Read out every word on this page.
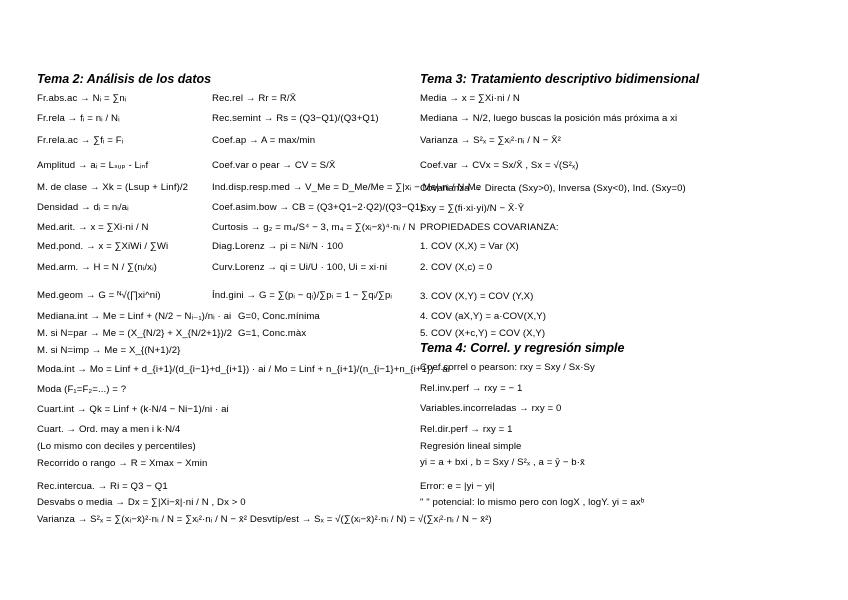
Tema 2: Análisis de los datos
Fr.abs.ac → Nᵢ = ∑nᵢ	Rec.rel → Rr = R/X̄
Fr.rela → fᵢ = nᵢ / Nᵢ	Rec.semint → Rs = (Q3−Q1)/(Q3+Q1)
Fr.rela.ac → ∑fᵢ = Fᵢ	Coef.ap → A = max/min
Amplitud → aᵢ = Lₛᵤₚ - Lᵢₙf	Coef.var o pear → CV = S/X̄
M. de clase → Xk = (Lsup + Linf)/2 Ind.disp.resp.med → V_Me = D_Me/Me = ∑|xᵢ − Me|·nᵢ / N·Me
Densidad → dᵢ = nᵢ/aᵢ	Coef.asim.bow → CB = (Q3+Q1−2·Q2)/(Q3−Q1)
Med.arit. → x = ∑Xi·ni / N	Curtosis → g₂ = m₄/S⁴ − 3, m₄ = ∑(xᵢ−x̄)⁴·nᵢ / N
Med.pond. → x = ∑XiWi / ∑Wi	Diag.Lorenz → pi = Ni/N · 100
Med.arm. → H = N / ∑(nᵢ/xᵢ)	Curv.Lorenz → qi = Ui/U · 100, Ui = xi·ni
Med.geom → G = ᴺ√(∏xi^ni)	Índ.gini → G = ∑(pᵢ − qᵢ)/∑pᵢ = 1 − ∑qᵢ/∑pᵢ
Mediana.int → Me = Linf + (N/2 − Nᵢ₋₁)/nᵢ · ai G=0, Conc.mínima
M. si N=par → Me = (X_{N/2} + X_{N/2+1})/2 G=1, Conc.màx
M. si N=imp → Me = X_{(N+1)/2}
Moda.int → Mo = Linf + d_{i+1}/(d_{i−1}+d_{i+1}) · ai / Mo = Linf + n_{i+1}/(n_{i−1}+n_{i+1}) · ai
Moda (F₁=F₂=...) = ?
Cuart.int → Qk = Linf + (k·N/4 − Ni−1)/ni · ai
Cuart. → Ord. may a men i k·N/4
(Lo mismo con deciles y percentiles)
Recorrido o rango → R = Xmax − Xmin
Rec.intercua. → Ri = Q3 − Q1
Desvabs o media → Dx = ∑|Xi−x̄|·ni / N , Dx > 0
Varianza → S²ₓ = ∑(xᵢ−x̄)²·nᵢ / N = ∑xᵢ²·nᵢ / N − x̄² Desvtíp/est → Sₓ = √(∑(xᵢ−x̄)²·nᵢ / N) = √(∑xᵢ²·nᵢ / N − x̄²)
Tema 3: Tratamiento descriptivo bidimensional
Media → x = ∑Xi·ni / N
Mediana → N/2, luego buscas la posición más próxima a xi
Varianza → S²ₓ = ∑xᵢ²·nᵢ / N − X̄²
Coef.var → CVx = Sx/X̄ , Sx = √(S²ₓ)
Covarianza → Directa (Sxy>0), Inversa (Sxy<0), Ind. (Sxy=0)
Sxy = ∑(fi·xi·yi)/N − X̄·Ȳ
PROPIEDADES COVARIANZA:
1. COV (X,X) = Var (X)
2. COV (X,c) = 0
3. COV (X,Y) = COV (Y,X)
4. COV (aX,Y) = a·COV(X,Y)
5. COV (X+c,Y) = COV (X,Y)
Tema 4: Correl. y regresión simple
Coef.correl o pearson: rxy = Sxy / Sx·Sy
Rel.inv.perf → rxy = − 1
Variables.incorreladas → rxy = 0
Rel.dir.perf → rxy = 1
Regresión lineal simple
yi = a + bxi , b = Sxy / S²ₓ , a = ȳ − b·x̄
Error: e = |yi − yi|
" " potencial: lo mismo pero con logX , logY. yi = axᵇ
